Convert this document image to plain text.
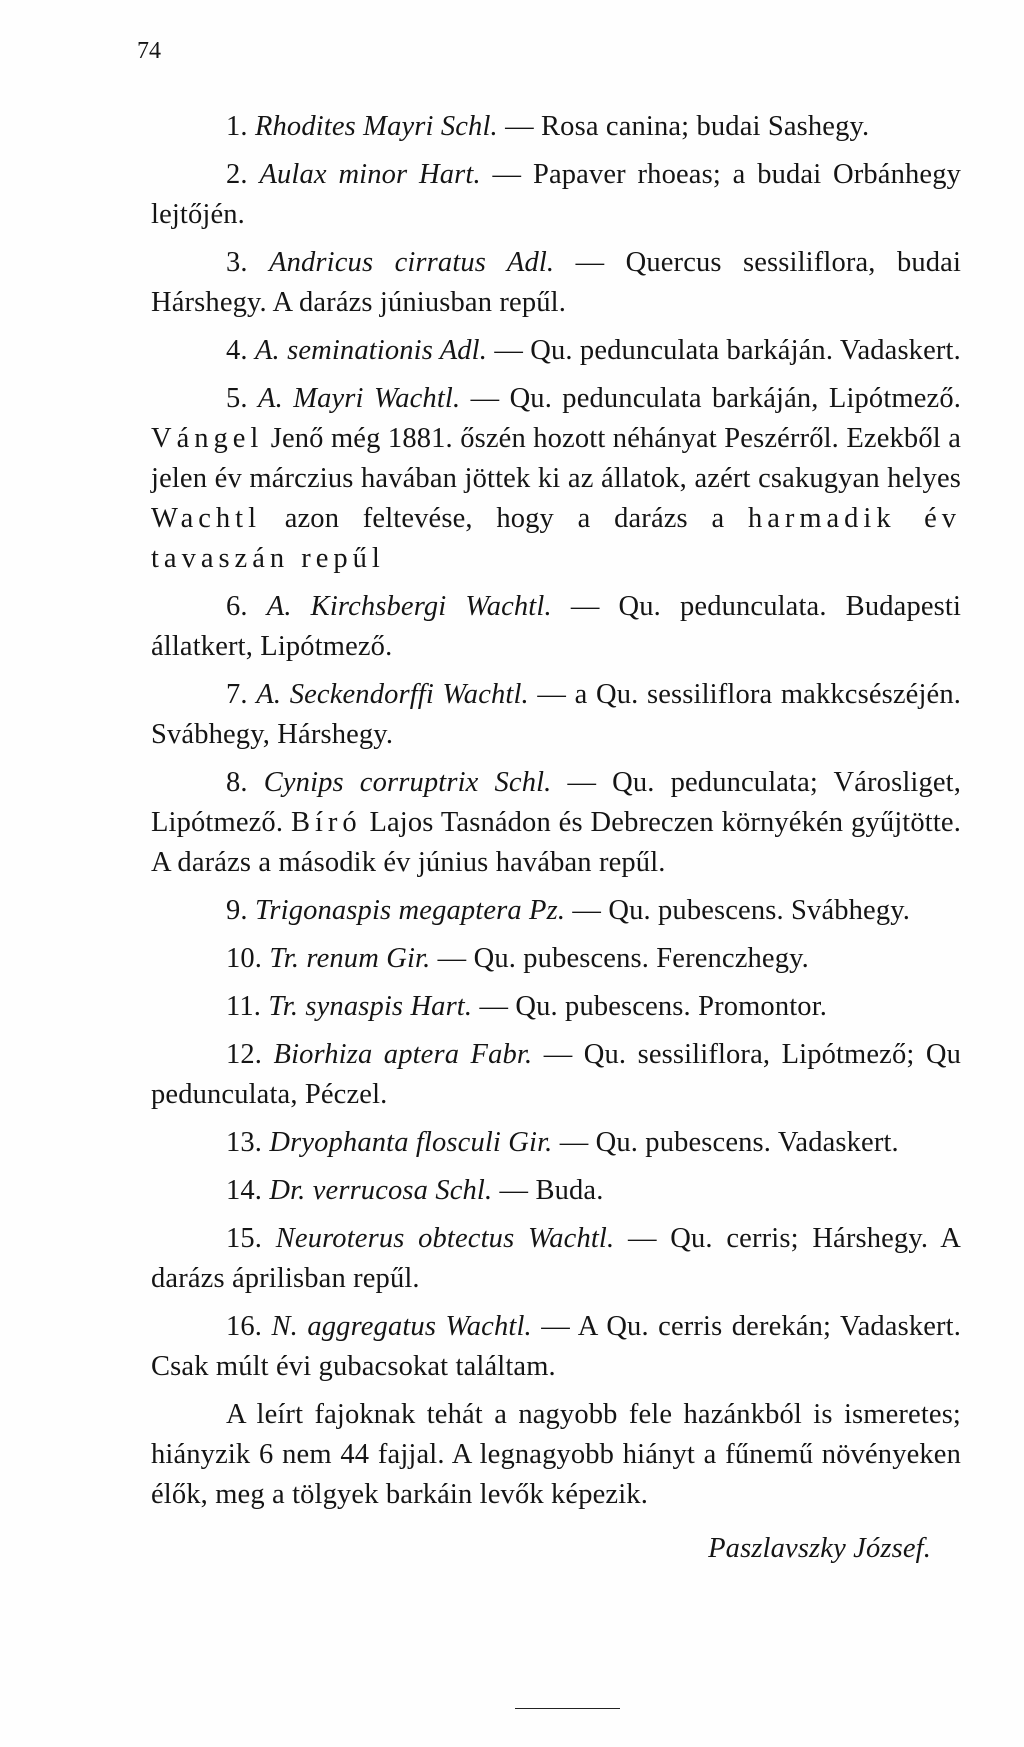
74

1. Rhodites Mayri Schl. — Rosa canina; budai Sashegy.

2. Aulax minor Hart. — Papaver rhoeas; a budai Orbánhegy lejtőjén.

3. Andricus cirratus Adl. — Quercus sessiliflora, budai Hárshegy. A darázs júniusban repűl.

4. A. seminationis Adl. — Qu. pedunculata barkáján. Vadaskert.

5. A. Mayri Wachtl. — Qu. pedunculata barkáján, Lipótmező. Vángel Jenő még 1881. őszén hozott néhányat Peszérről. Ezekből a jelen év márczius havában jöttek ki az állatok, azért csakugyan helyes Wachtl azon feltevése, hogy a darázs a harmadik év tavaszán repűl

6. A. Kirchsbergi Wachtl. — Qu. pedunculata. Budapesti állatkert, Lipótmező.

7. A. Seckendorffi Wachtl. — a Qu. sessiliflora makkcsészéjén. Svábhegy, Hárshegy.

8. Cynips corruptrix Schl. — Qu. pedunculata; Városliget, Lipótmező. Bíró Lajos Tasnádon és Debreczen környékén gyűjtötte. A darázs a második év június havában repűl.

9. Trigonaspis megaptera Pz. — Qu. pubescens. Svábhegy.

10. Tr. renum Gir. — Qu. pubescens. Ferenczhegy.

11. Tr. synaspis Hart. — Qu. pubescens. Promontor.

12. Biorhiza aptera Fabr. — Qu. sessiliflora, Lipótmező; Qu pedunculata, Péczel.

13. Dryophanta flosculi Gir. — Qu. pubescens. Vadaskert.

14. Dr. verrucosa Schl. — Buda.

15. Neuroterus obtectus Wachtl. — Qu. cerris; Hárshegy. A darázs áprilisban repűl.

16. N. aggregatus Wachtl. — A Qu. cerris derekán; Vadaskert. Csak múlt évi gubacsokat találtam.

A leírt fajoknak tehát a nagyobb fele hazánkból is ismeretes; hiányzik 6 nem 44 fajjal. A legnagyobb hiányt a fűnemű növényeken élők, meg a tölgyek barkáin levők képezik.

Paszlavszky József.
